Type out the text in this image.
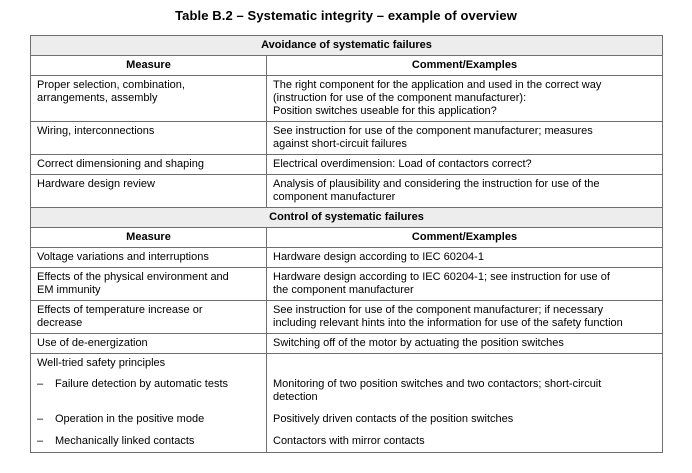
Table B.2 – Systematic integrity – example of overview
Avoidance of systematic failures	
Measure	Comment/Examples

Proper selection, combination,
arrangements, assembly	The right component for the application and used in the correct way
(instruction for use of the component manufacturer):
Position switches useable for this application?

Wiring, interconnections	See instruction for use of the component manufacturer; measures
against short-circuit failures

Correct dimensioning and shaping	Electrical overdimension: Load of contactors correct?

Hardware design review	Analysis of plausibility and considering the instruction for use of the
component manufacturer

Control of systematic failures	
Measure	Comment/Examples

Voltage variations and interruptions	Hardware design according to IEC 60204-1

Effects of the physical environment and
EM immunity	Hardware design according to IEC 60204-1; see instruction for use of
the component manufacturer

Effects of temperature increase or
decrease	See instruction for use of the component manufacturer; if necessary
including relevant hints into the information for use of the safety function

Use of de-energization	Switching off of the motor by actuating the position switches

Well-tried safety principles	

– Failure detection by automatic tests	Monitoring of two position switches and two contactors; short-circuit
detection

– Operation in the positive mode	Positively driven contacts of the position switches

– Mechanically linked contacts	Contactors with mirror contacts
